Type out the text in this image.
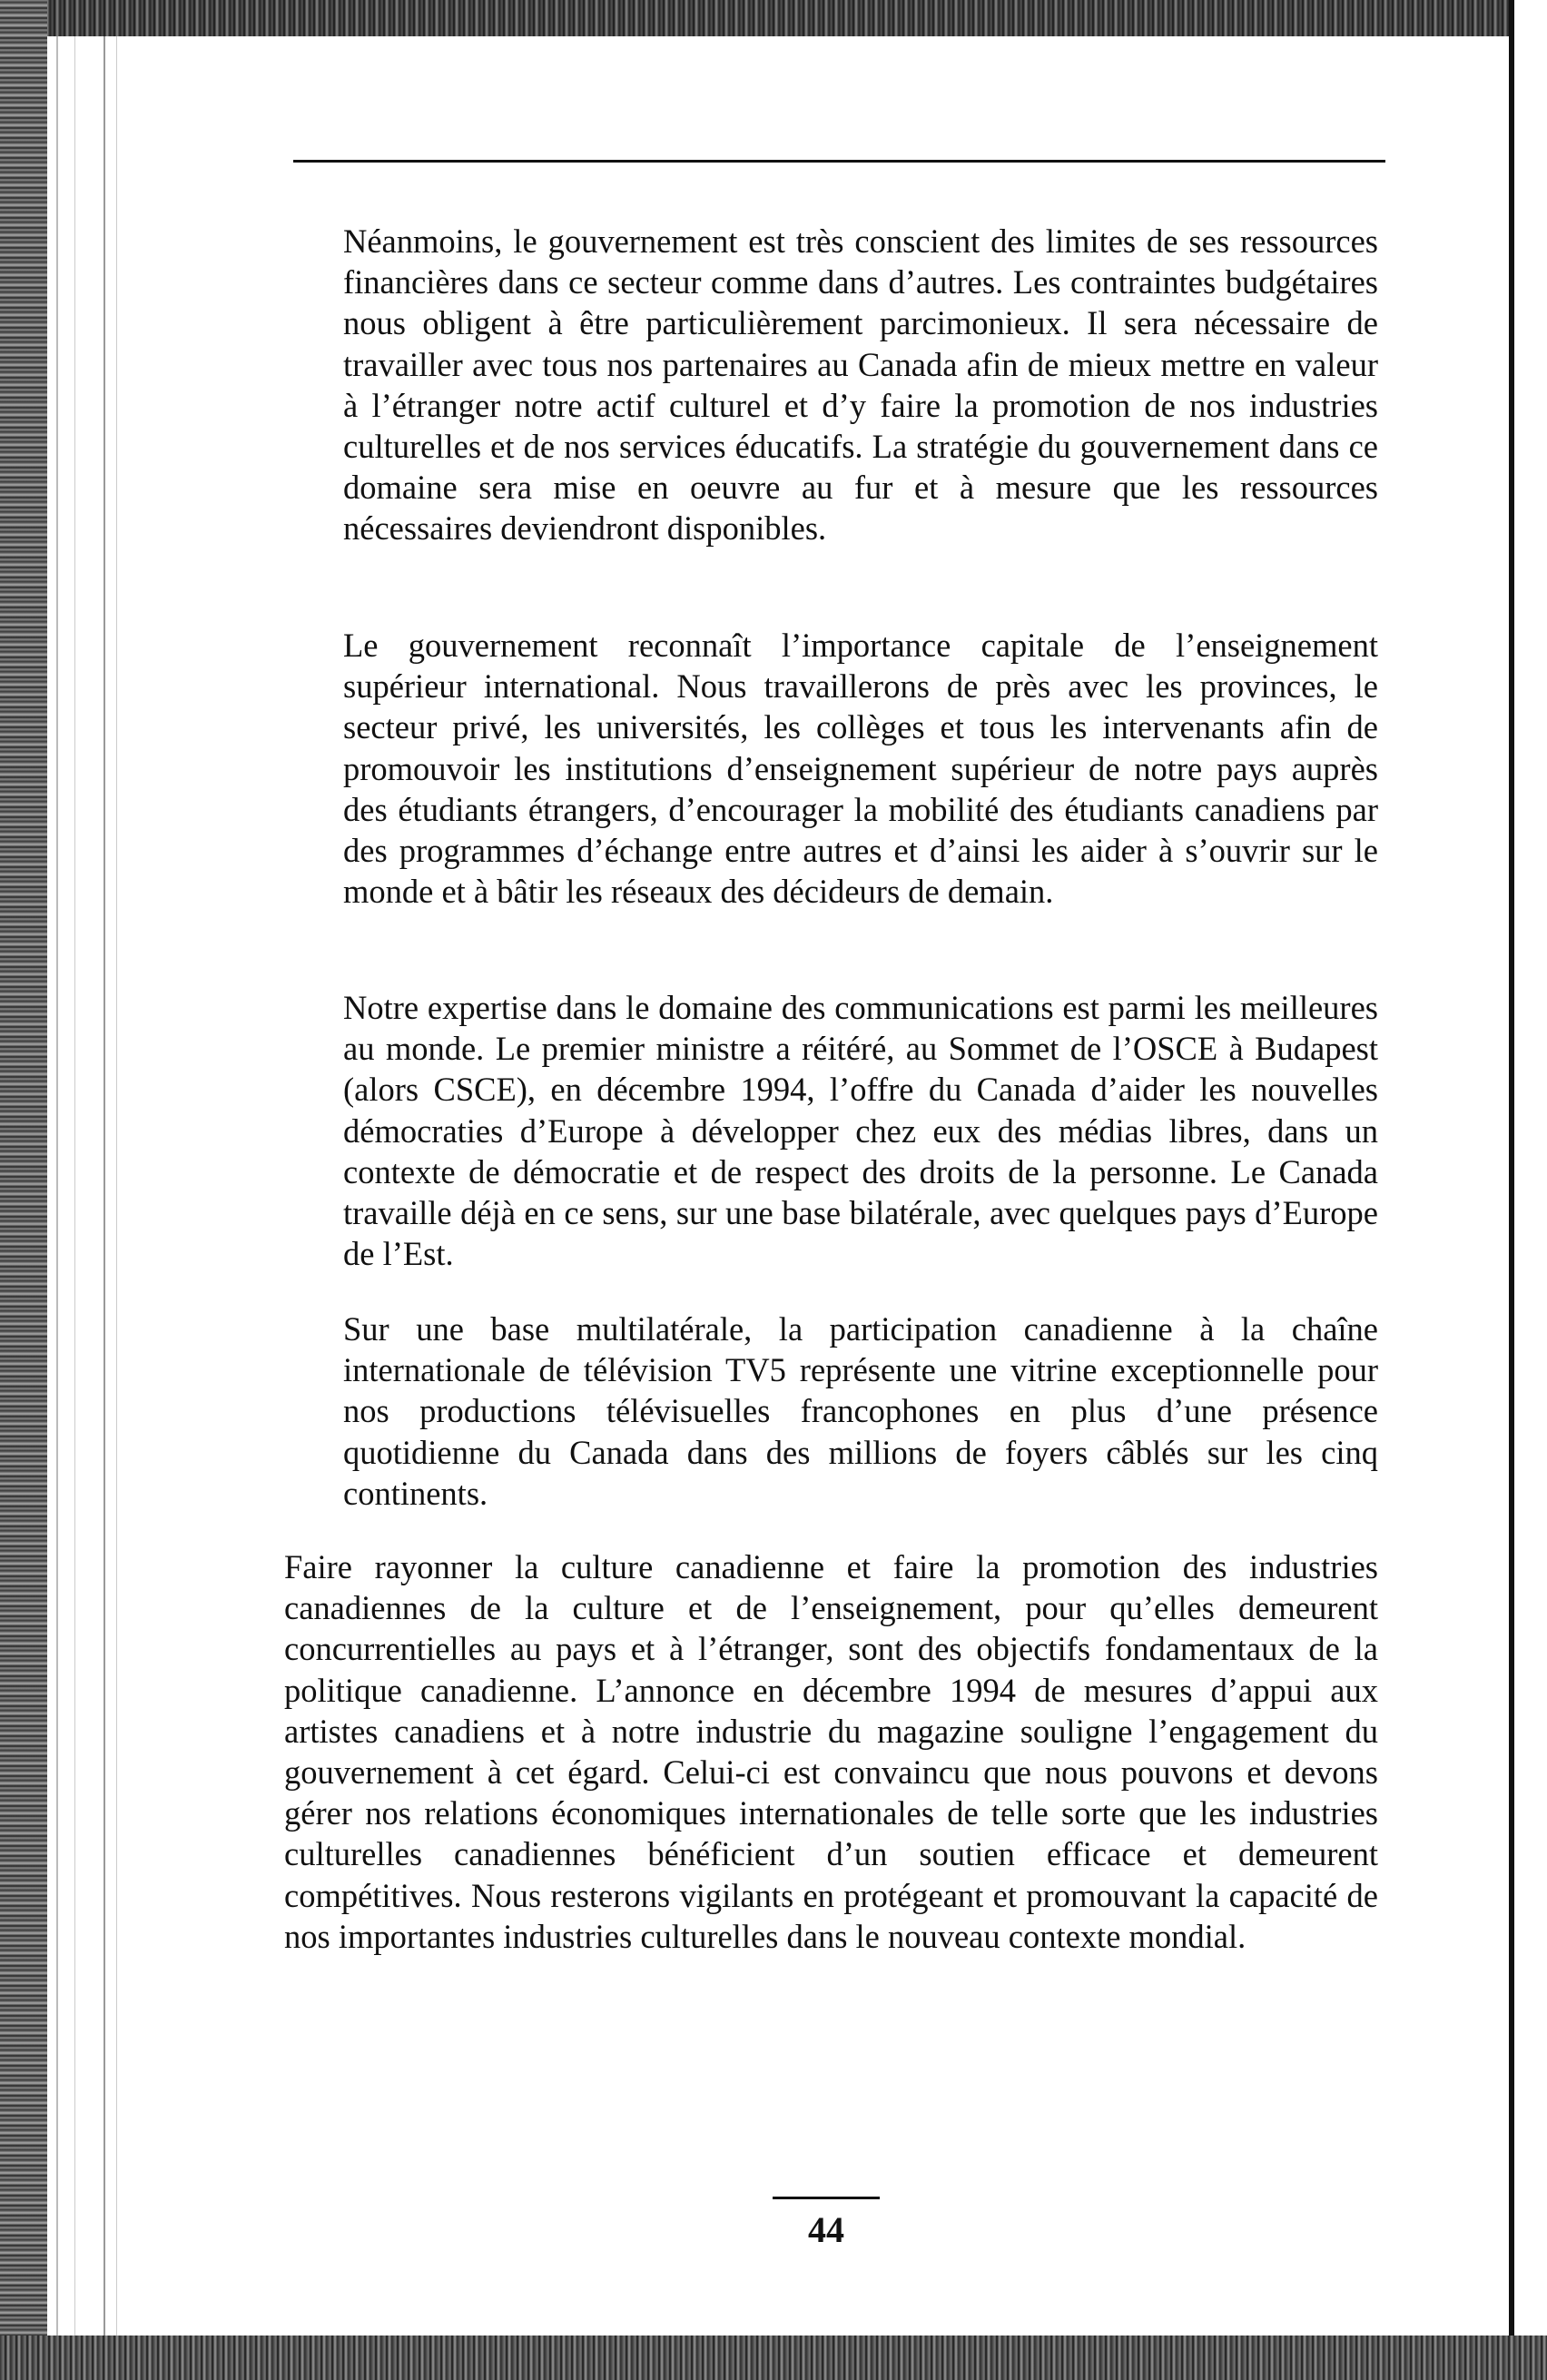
Néanmoins, le gouvernement est très conscient des limites de ses ressources financières dans ce secteur comme dans d’autres. Les contraintes budgétaires nous obligent à être particulièrement parcimonieux. Il sera nécessaire de travailler avec tous nos partenaires au Canada afin de mieux mettre en valeur à l’étranger notre actif culturel et d’y faire la promotion de nos industries culturelles et de nos services éducatifs. La stratégie du gouvernement dans ce domaine sera mise en oeuvre au fur et à mesure que les ressources nécessaires deviendront disponibles.

Le gouvernement reconnaît l’importance capitale de l’enseignement supérieur international. Nous travaillerons de près avec les provinces, le secteur privé, les universités, les collèges et tous les intervenants afin de promouvoir les institutions d’enseignement supérieur de notre pays auprès des étudiants étrangers, d’encourager la mobilité des étudiants canadiens par des programmes d’échange entre autres et d’ainsi les aider à s’ouvrir sur le monde et à bâtir les réseaux des décideurs de demain.

Notre expertise dans le domaine des communications est parmi les meilleures au monde. Le premier ministre a réitéré, au Sommet de l’OSCE à Budapest (alors CSCE), en décembre 1994, l’offre du Canada d’aider les nouvelles démocraties d’Europe à développer chez eux des médias libres, dans un contexte de démocratie et de respect des droits de la personne. Le Canada travaille déjà en ce sens, sur une base bilatérale, avec quelques pays d’Europe de l’Est.

Sur une base multilatérale, la participation canadienne à la chaîne internationale de télévision TV5 représente une vitrine exceptionnelle pour nos productions télévisuelles francophones en plus d’une présence quotidienne du Canada dans des millions de foyers câblés sur les cinq continents.

Faire rayonner la culture canadienne et faire la promotion des industries canadiennes de la culture et de l’enseignement, pour qu’elles demeurent concurrentielles au pays et à l’étranger, sont des objectifs fondamentaux de la politique canadienne. L’annonce en décembre 1994 de mesures d’appui aux artistes canadiens et à notre industrie du magazine souligne l’engagement du gouvernement à cet égard. Celui-ci est convaincu que nous pouvons et devons gérer nos relations économiques internationales de telle sorte que les industries culturelles canadiennes bénéficient d’un soutien efficace et demeurent compétitives. Nous resterons vigilants en protégeant et promouvant la capacité de nos importantes industries culturelles dans le nouveau contexte mondial.

44
